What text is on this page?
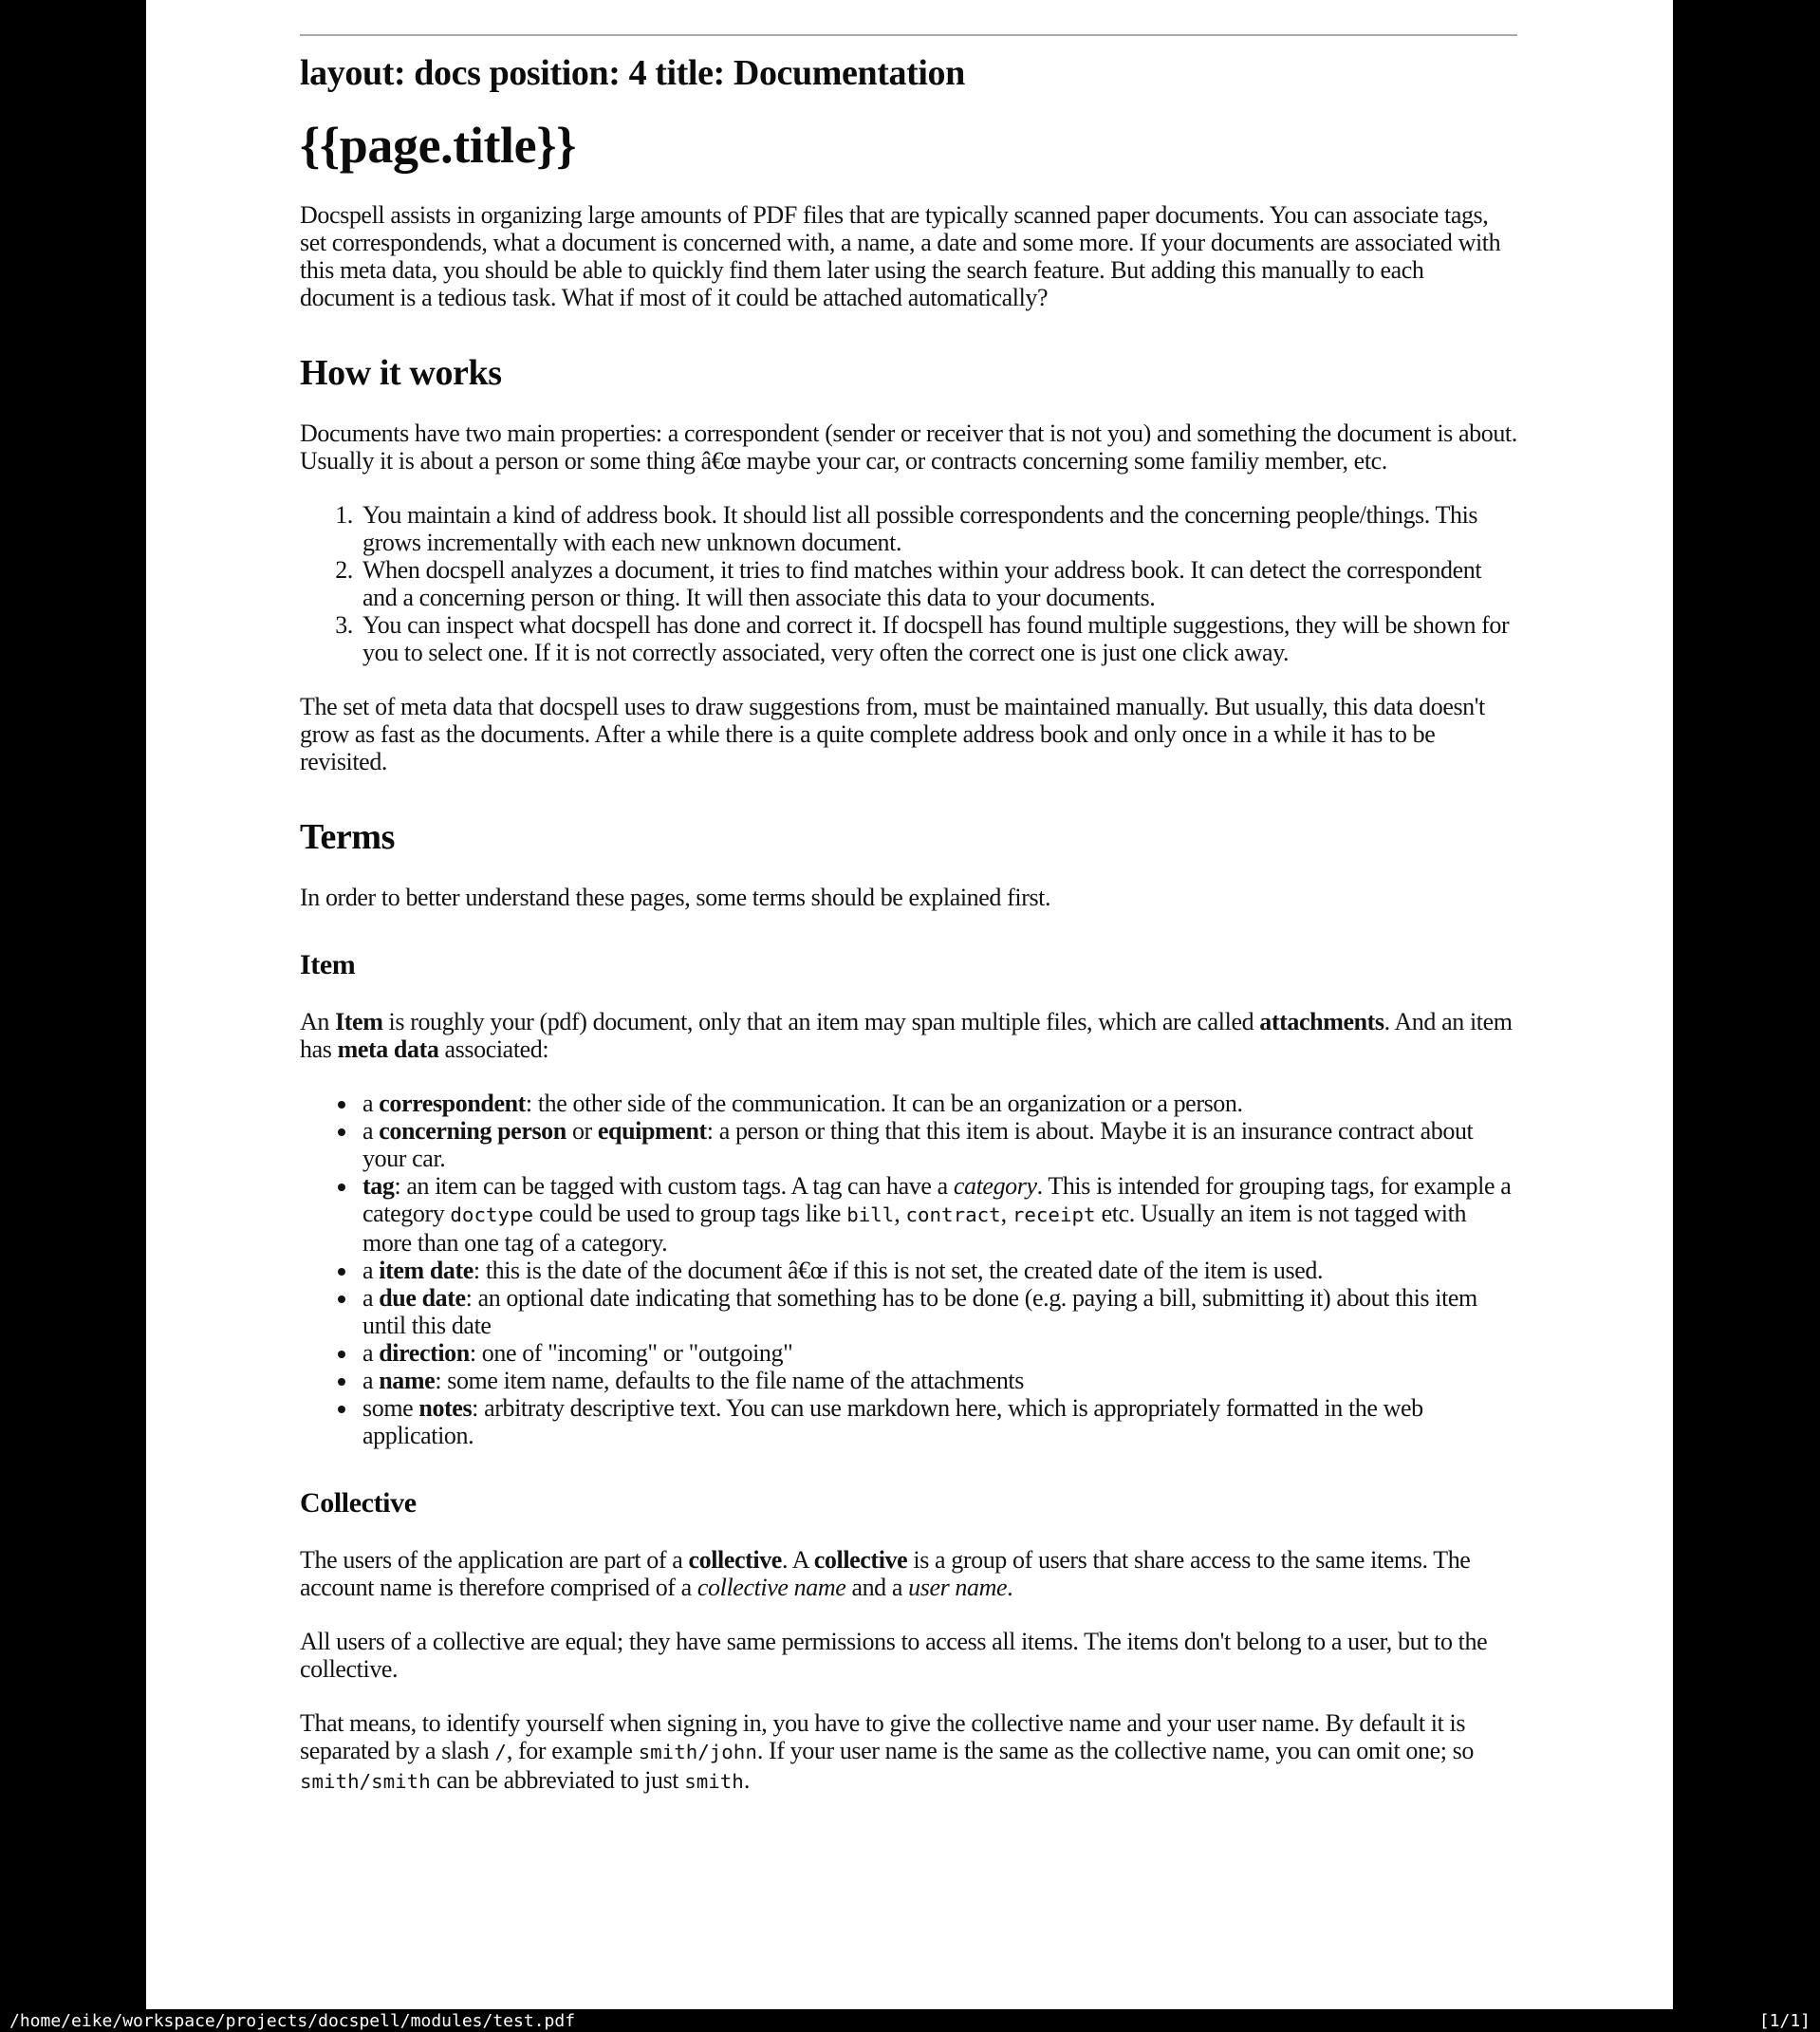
layout: docs position: 4 title: Documentation
{{page.title}}

Docspell assists in organizing large amounts of PDF files that are typically scanned paper documents. You can associate tags, set correspondends, what a document is concerned with, a name, a date and some more. If your documents are associated with this meta data, you should be able to quickly find them later using the search feature. But adding this manually to each document is a tedious task. What if most of it could be attached automatically?

How it works

Documents have two main properties: a correspondent (sender or receiver that is not you) and something the document is about. Usually it is about a person or some thing â€œ maybe your car, or contracts concerning some familiy member, etc.

1. You maintain a kind of address book. It should list all possible correspondents and the concerning people/things. This grows incrementally with each new unknown document.
2. When docspell analyzes a document, it tries to find matches within your address book. It can detect the correspondent and a concerning person or thing. It will then associate this data to your documents.
3. You can inspect what docspell has done and correct it. If docspell has found multiple suggestions, they will be shown for you to select one. If it is not correctly associated, very often the correct one is just one click away.

The set of meta data that docspell uses to draw suggestions from, must be maintained manually. But usually, this data doesn't grow as fast as the documents. After a while there is a quite complete address book and only once in a while it has to be revisited.

Terms

In order to better understand these pages, some terms should be explained first.

Item

An Item is roughly your (pdf) document, only that an item may span multiple files, which are called attachments. And an item has meta data associated:

• a correspondent: the other side of the communication. It can be an organization or a person.
• a concerning person or equipment: a person or thing that this item is about. Maybe it is an insurance contract about your car.
• tag: an item can be tagged with custom tags. A tag can have a category. This is intended for grouping tags, for example a category doctype could be used to group tags like bill, contract, receipt etc. Usually an item is not tagged with more than one tag of a category.
• a item date: this is the date of the document â€œ if this is not set, the created date of the item is used.
• a due date: an optional date indicating that something has to be done (e.g. paying a bill, submitting it) about this item until this date
• a direction: one of "incoming" or "outgoing"
• a name: some item name, defaults to the file name of the attachments
• some notes: arbitraty descriptive text. You can use markdown here, which is appropriately formatted in the web application.
Collective

The users of the application are part of a collective. A collective is a group of users that share access to the same items. The account name is therefore comprised of a collective name and a user name.

All users of a collective are equal; they have same permissions to access all items. The items don't belong to a user, but to the collective.

That means, to identify yourself when signing in, you have to give the collective name and your user name. By default it is separated by a slash /, for example smith/john. If your user name is the same as the collective name, you can omit one; so smith/smith can be abbreviated to just smith.

/home/eike/workspace/projects/docspell/modules/test.pdf	[1/1]
